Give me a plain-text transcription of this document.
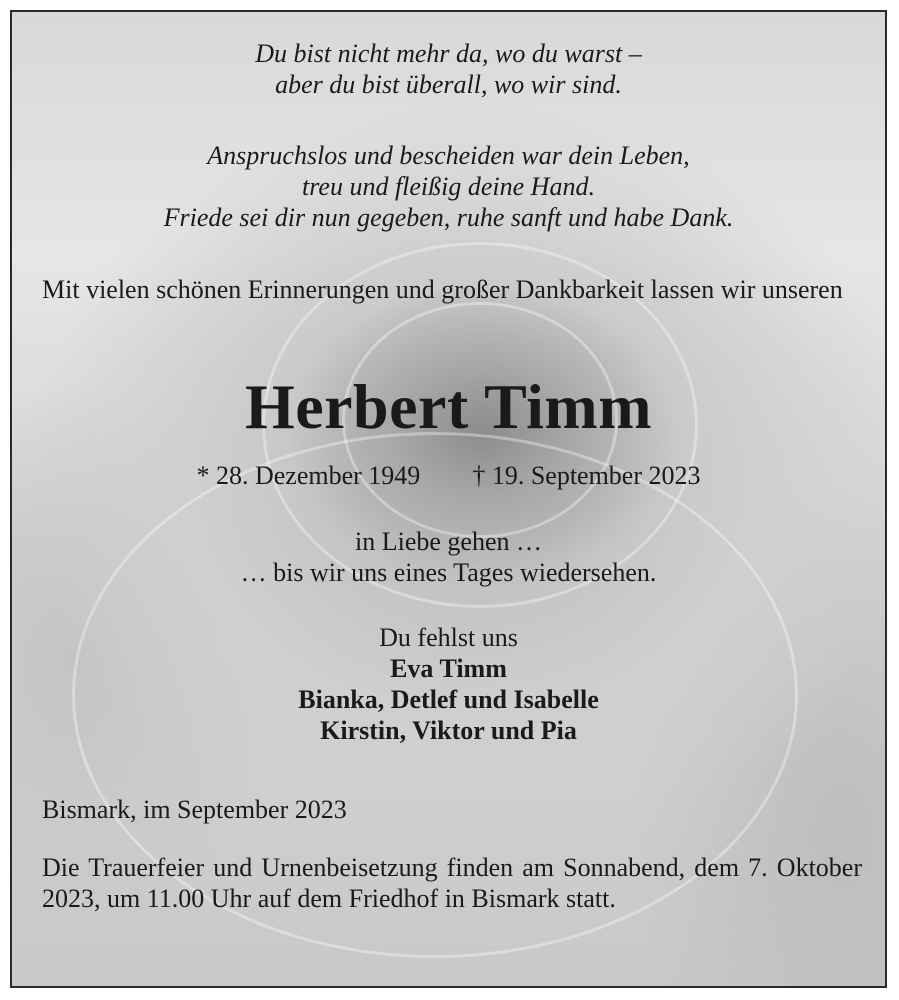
Du bist nicht mehr da, wo du warst –
aber du bist überall, wo wir sind.
Anspruchslos und bescheiden war dein Leben,
treu und fleißig deine Hand.
Friede sei dir nun gegeben, ruhe sanft und habe Dank.

Mit vielen schönen Erinnerungen und großer Dankbarkeit lassen wir unseren

Herbert Timm
* 28. Dezember 1949 † 19. September 2023
in Liebe gehen …
… bis wir uns eines Tages wiedersehen.
Du fehlst uns
Eva Timm
Bianka, Detlef und Isabelle
Kirstin, Viktor und Pia

Bismark, im September 2023

Die Trauerfeier und Urnenbeisetzung finden am Sonnabend, dem 7. Oktober 2023, um 11.00 Uhr auf dem Friedhof in Bismark statt.
